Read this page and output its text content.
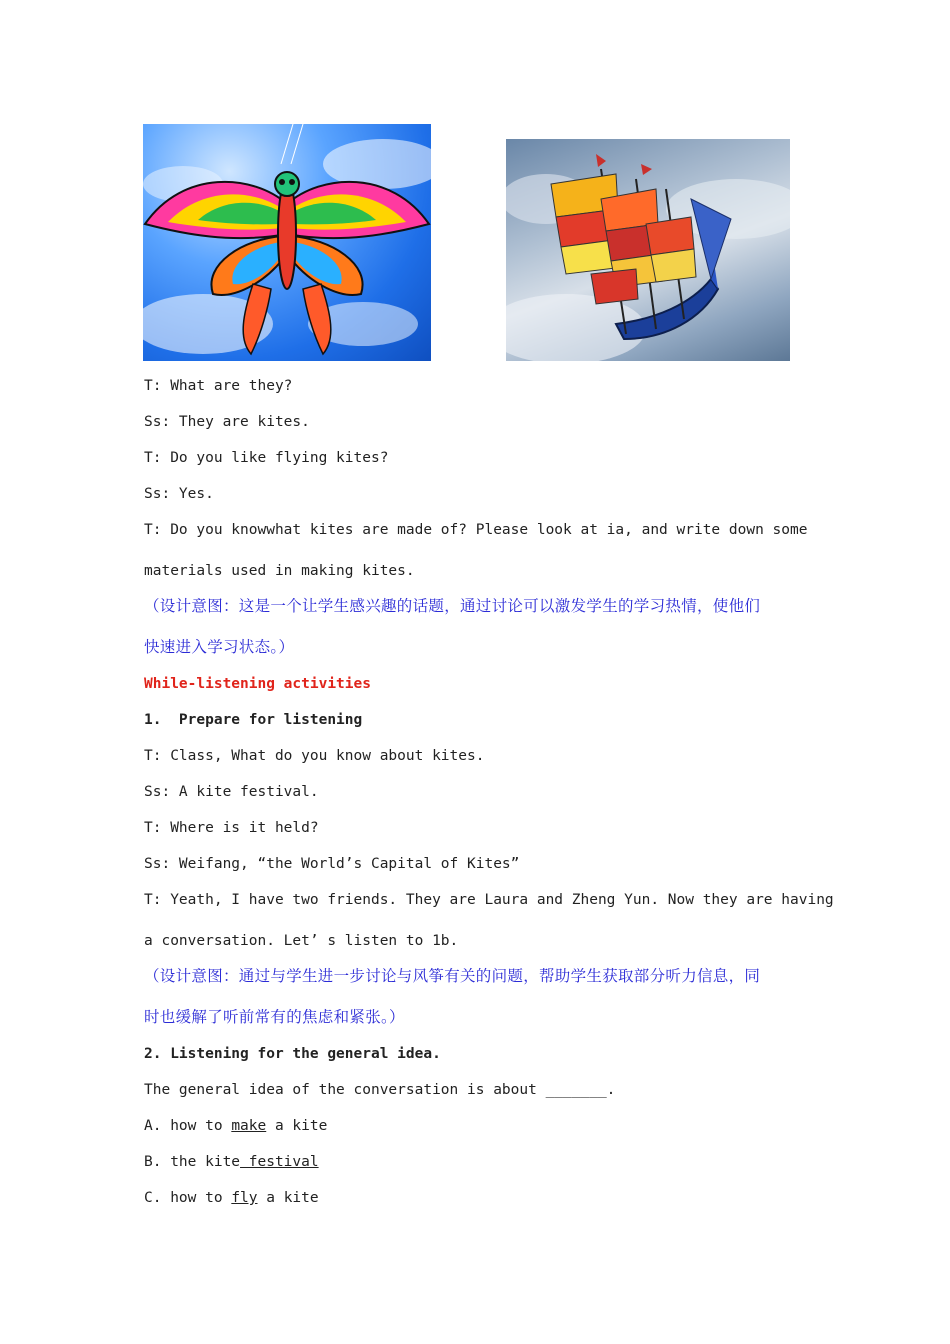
T: What are they?
Ss: They are kites.
T: Do you like flying kites?
Ss: Yes.
T: Do you knowwhat kites are made of? Please look at ia, and write down some
materials used in making kites.
（设计意图：这是一个让学生感兴趣的话题，通过讨论可以激发学生的学习热情，使他们
快速进入学习状态。）
While-listening activities
1.  Prepare for listening
T: Class, What do you know about kites.
Ss: A kite festival.
T: Where is it held?
Ss: Weifang, “the World’s Capital of Kites”
T: Yeath, I have two friends. They are Laura and Zheng Yun. Now they are having
a conversation. Let’ s listen to 1b.
（设计意图：通过与学生进一步讨论与风筝有关的问题，帮助学生获取部分听力信息，同
时也缓解了听前常有的焦虑和紧张。）
2. Listening for the general idea.
The general idea of the conversation is about _______.
A. how to make a kite
B. the kite festival
C. how to fly a kite
